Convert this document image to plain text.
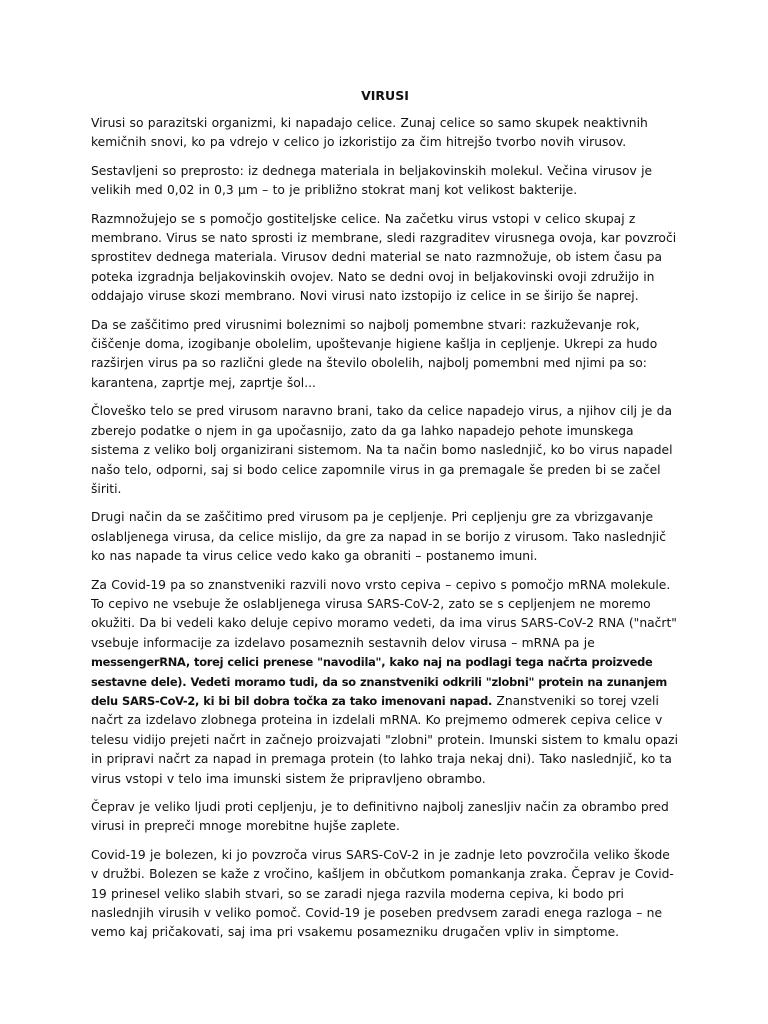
VIRUSI

Virusi so parazitski organizmi, ki napadajo celice. Zunaj celice so samo skupek neaktivnih kemičnih snovi, ko pa vdrejo v celico jo izkoristijo za čim hitrejšo tvorbo novih virusov.

Sestavljeni so preprosto: iz dednega materiala in beljakovinskih molekul. Večina virusov je velikih med 0,02 in 0,3 µm – to je približno stokrat manj kot velikost bakterije.

Razmnožujejo se s pomočjo gostiteljske celice. Na začetku virus vstopi v celico skupaj z membrano. Virus se nato sprosti iz membrane, sledi razgraditev virusnega ovoja, kar povzroči sprostitev dednega materiala. Virusov dedni material se nato razmnožuje, ob istem času pa poteka izgradnja beljakovinskih ovojev. Nato se dedni ovoj in beljakovinski ovoji združijo in oddajajo viruse skozi membrano. Novi virusi nato izstopijo iz celice in se širijo še naprej.

Da se zaščitimo pred virusnimi boleznimi so najbolj pomembne stvari: razkuževanje rok, čiščenje doma, izogibanje obolelim, upoštevanje higiene kašlja in cepljenje. Ukrepi za hudo razširjen virus pa so različni glede na število obolelih, najbolj pomembni med njimi pa so: karantena, zaprtje mej, zaprtje šol...

Človeško telo se pred virusom naravno brani, tako da celice napadejo virus, a njihov cilj je da zberejo podatke o njem in ga upočasnijo, zato da ga lahko napadejo pehote imunskega sistema z veliko bolj organizirani sistemom. Na ta način bomo naslednjič, ko bo virus napadel našo telo, odporni, saj si bodo celice zapomnile virus in ga premagale še preden bi se začel širiti.

Drugi način da se zaščitimo pred virusom pa je cepljenje. Pri cepljenju gre za vbrizgavanje oslabljenega virusa, da celice mislijo, da gre za napad in se borijo z virusom. Tako naslednjič ko nas napade ta virus celice vedo kako ga obraniti – postanemo imuni.

Za Covid-19 pa so znanstveniki razvili novo vrsto cepiva – cepivo s pomočjo mRNA molekule. To cepivo ne vsebuje že oslabljenega virusa SARS-CoV-2, zato se s cepljenjem ne moremo okužiti. Da bi vedeli kako deluje cepivo moramo vedeti, da ima virus SARS-CoV-2 RNA ("načrt" vsebuje informacije za izdelavo posameznih sestavnih delov virusa – mRNA pa je messengerRNA, torej celici prenese "navodila", kako naj na podlagi tega načrta proizvede sestavne dele). Vedeti moramo tudi, da so znanstveniki odkrili "zlobni" protein na zunanjem delu SARS-CoV-2, ki bi bil dobra točka za tako imenovani napad. Znanstveniki so torej vzeli načrt za izdelavo zlobnega proteina in izdelali mRNA. Ko prejmemo odmerek cepiva celice v telesu vidijo prejeti načrt in začnejo proizvajati "zlobni" protein. Imunski sistem to kmalu opazi in pripravi načrt za napad in premaga protein (to lahko traja nekaj dni). Tako naslednjič, ko ta virus vstopi v telo ima imunski sistem že pripravljeno obrambo.

Čeprav je veliko ljudi proti cepljenju, je to definitivno najbolj zanesljiv način za obrambo pred virusi in prepreči mnoge morebitne hujše zaplete.

Covid-19 je bolezen, ki jo povzroča virus SARS-CoV-2 in je zadnje leto povzročila veliko škode v družbi. Bolezen se kaže z vročino, kašljem in občutkom pomankanja zraka. Čeprav je Covid-19 prinesel veliko slabih stvari, so se zaradi njega razvila moderna cepiva, ki bodo pri naslednjih virusih v veliko pomoč. Covid-19 je poseben predvsem zaradi enega razloga – ne vemo kaj pričakovati, saj ima pri vsakemu posamezniku drugačen vpliv in simptome.
